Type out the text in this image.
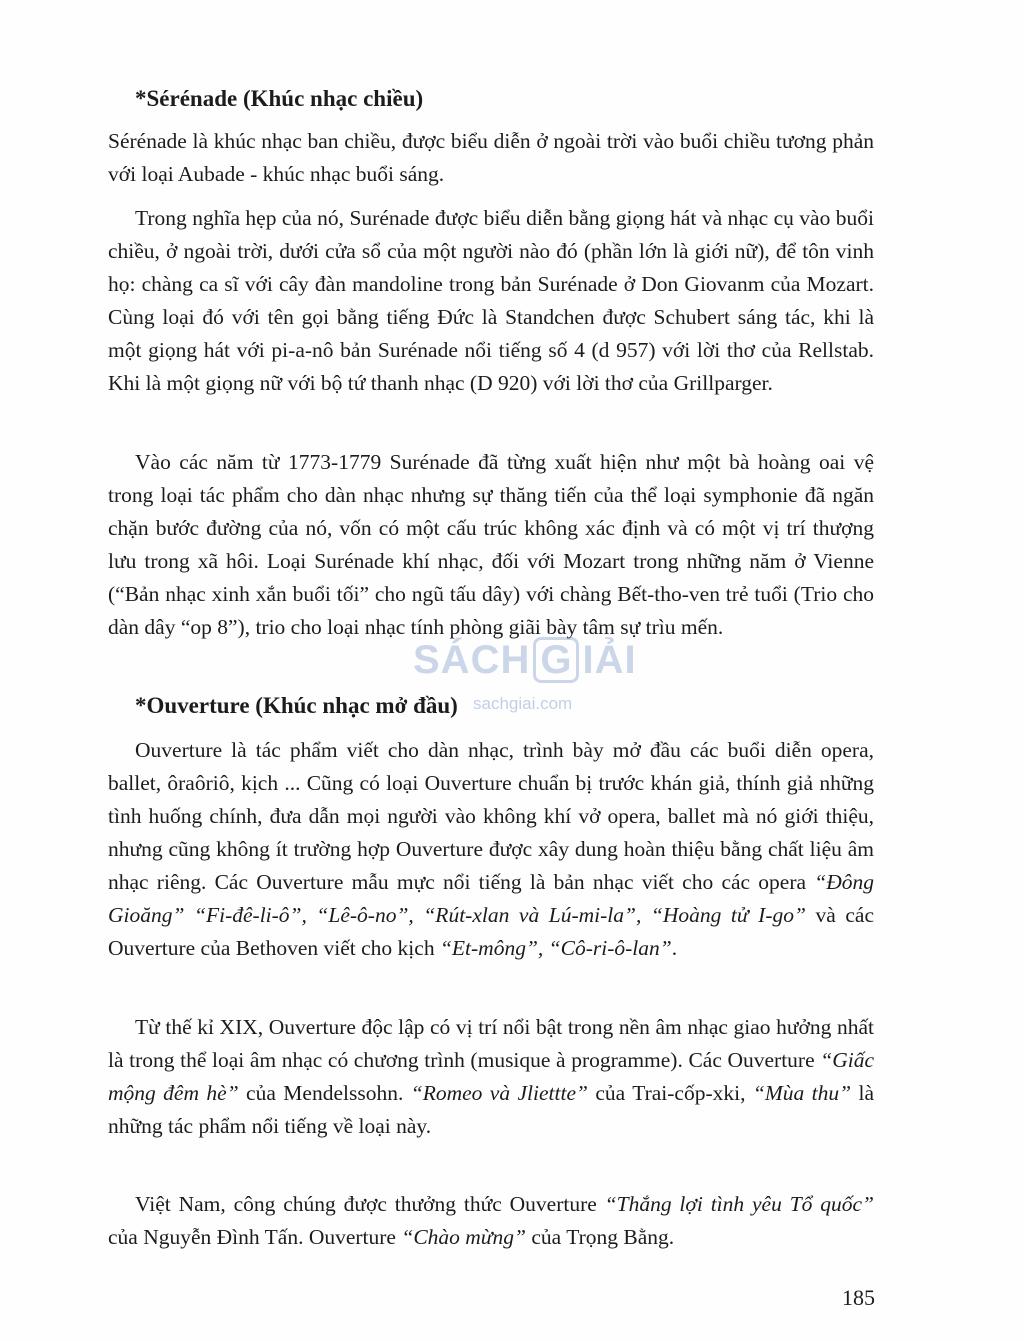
*Sérénade (Khúc nhạc chiều)

Sérénade là khúc nhạc ban chiều, được biểu diễn ở ngoài trời vào buổi chiều tương phản với loại Aubade - khúc nhạc buổi sáng.

Trong nghĩa hẹp của nó, Surénade được biểu diễn bằng giọng hát và nhạc cụ vào buổi chiều, ở ngoài trời, dưới cửa sổ của một người nào đó (phần lớn là giới nữ), để tôn vinh họ: chàng ca sĩ với cây đàn mandoline trong bản Surénade ở Don Giovanm của Mozart. Cùng loại đó với tên gọi bằng tiếng Đức là Standchen được Schubert sáng tác, khi là một giọng hát với pi-a-nô bản Surénade nổi tiếng số 4 (d 957) với lời thơ của Rellstab. Khi là một giọng nữ với bộ tứ thanh nhạc (D 920) với lời thơ của Grillparger.

Vào các năm từ 1773-1779 Surénade đã từng xuất hiện như một bà hoàng oai vệ trong loại tác phẩm cho dàn nhạc nhưng sự thăng tiến của thể loại symphonie đã ngăn chặn bước đường của nó, vốn có một cấu trúc không xác định và có một vị trí thượng lưu trong xã hôi. Loại Surénade khí nhạc, đối với Mozart trong những năm ở Vienne (“Bản nhạc xinh xắn buổi tối” cho ngũ tấu dây) với chàng Bết-tho-ven trẻ tuổi (Trio cho dàn dây “op 8”), trio cho loại nhạc tính phòng giãi bày tâm sự trìu mến.

SÁCH G IẢI
sachgiai.com
*Ouverture (Khúc nhạc mở đầu)

Ouverture là tác phẩm viết cho dàn nhạc, trình bày mở đầu các buổi diễn opera, ballet, ôraôriô, kịch ... Cũng có loại Ouverture chuẩn bị trước khán giả, thính giả những tình huống chính, đưa dẫn mọi người vào không khí vở opera, ballet mà nó giới thiệu, nhưng cũng không ít trường hợp Ouverture được xây dung hoàn thiệu bằng chất liệu âm nhạc riêng. Các Ouverture mẫu mực nổi tiếng là bản nhạc viết cho các opera “Đông Gioăng” “Fi-đê-li-ô”, “Lê-ô-no”, “Rút-xlan và Lú-mi-la”, “Hoàng tử I-go” và các Ouverture của Bethoven viết cho kịch “Et-mông”, “Cô-ri-ô-lan”.

Từ thế kỉ XIX, Ouverture độc lập có vị trí nổi bật trong nền âm nhạc giao hưởng nhất là trong thể loại âm nhạc có chương trình (musique à programme). Các Ouverture “Giấc mộng đêm hè” của Mendelssohn. “Romeo và Jliettte” của Trai-cốp-xki, “Mùa thu” là những tác phẩm nổi tiếng về loại này.

Việt Nam, công chúng được thưởng thức Ouverture “Thắng lợi tình yêu Tổ quốc” của Nguyễn Đình Tấn. Ouverture “Chào mừng” của Trọng Bằng.

185
